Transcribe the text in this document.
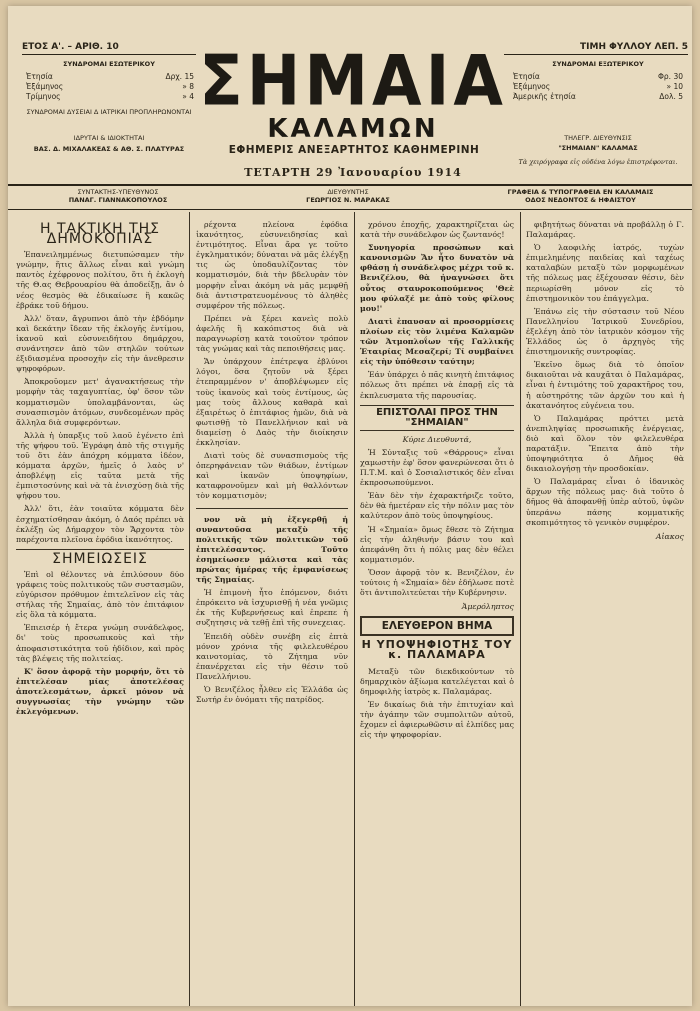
ΕΤΟΣ Α'. – ΑΡΙΘ. 10	ΤΙΜΗ ΦΥΛΛΟΥ ΛΕΠ. 5
ΣΥΝΔΡΟΜΑΙ ΕΣΩΤΕΡΙΚΟΥ
Ἐτησία	Δρχ. 15
Ἐξάμηνος	» 8
Τρίμηνος	» 4
ΣΥΝΔΡΟΜΑΙ ΔΥΣΕΙΑΙ Δ ΙΑΤΡΙΚΑΙ ΠΡΟΠΛΗΡΩΝΟΝΤΑΙ
ΙΔΡΥΤΑΙ & ΙΔΙΟΚΤΗΤΑΙ
ΒΑΣ. Δ. ΜΙΧΑΛΑΚΕΑΣ & ΑΘ. Σ. ΠΛΑΤΥΡΑΣ
ΣΥΝΔΡΟΜΑΙ ΕΞΩΤΕΡΙΚΟΥ
Ἐτησία	Φρ. 30
Ἐξάμηνος	» 10
Ἀμερικῆς ἐτησία	Δολ. 5
ΤΗΛΕΓΡ. ΔΙΕΥΘΥΝΣΙΣ
"ΣΗΜΑΙΑΝ" ΚΑΛΑΜΑΣ
Τὰ χειρόγραφα εἰς οὐδένα λόγω ἐπιστρέφονται.
ΣΗΜΑΙΑ
ΚΑΛΑΜΩΝ
ΕΦΗΜΕΡΙΣ ΑΝΕΞΑΡΤΗΤΟΣ ΚΑΘΗΜΕΡΙΝΗ
ΤΕΤΑΡΤΗ 29 Ἰανουαρίου 1914
ΣΥΝΤΑΚΤΗΣ-ΥΠΕΥΘΥΝΟΣ
ΠΑΝΑΓ. ΓΙΑΝΝΑΚΟΠΟΥΛΟΣ
ΔΙΕΥΘΥΝΤΗΣ
ΓΕΩΡΓΙΟΣ Ν. ΜΑΡΑΚΑΣ
ΓΡΑΦΕΙΑ & ΤΥΠΟΓΡΑΦΕΙΑ ΕΝ ΚΑΛΑΜΑΙΣ
ΟΔΟΣ ΝΕΔΟΝΤΟΣ & ΗΦΑΙΣΤΟΥ
Η ΤΑΚΤΙΚΗ ΤΗΣ ΔΗΜΟΚΟΠΙΑΣ

Ἐπανειλημμένως διετυπώσαμεν τὴν γνώμην, ἥτις ἄλλως εἶναι καὶ γνώμη παντὸς ἐχέφρονος πολίτου, ὅτι ἡ ἐκλογὴ τῆς Θ.ας Θεβρουαρίου θὰ ἀποδείξῃ, ἂν ὁ νέος θεσμὸς θὰ ἐδικαίωσε ἢ κακῶς ἐβράκε τοῦ δήμου.

Ἀλλ' ὅταν, ἄγρυπνοι ἀπὸ τὴν ἐβδόμην καὶ δεκάτην ἴδεαν τῆς ἐκλογῆς ἐντίμου, ἱκανοῦ καὶ εὐσυνειδήτου δημάρχου, συνάντησεν ἀπὸ τῶν στηλῶν τούτων ἐξιδιασμένα προσοχὴν εἰς τὴν ἀνεθρεσιν ψηφοφόρων.

Ἀποκροῦομεν μετ' ἀγανακτήσεως τὴν μομφὴν τὰς ταχαγυπτίας, ὑφ' ὅσον τῶν κομματισμῶν ὑπολαμβάνονται, ὡς συνασπισμὸν ἀτόμων, συνδεομένων πρὸς ἄλληλα διὰ συμφερόντων.

Ἀλλὰ ἡ ὑπαρξις τοῦ λαοῦ ἐγένετο ἐπὶ τῆς ψήφου τοῦ. Ἐγράφη ἀπὸ τῆς στιγμῆς τοῦ ὅτι ἐὰν ἀπόχρη κόμματα ἰδέον, κόμματα ἀρχῶν, ἡμεῖς ὁ λαὸς ν' ἀποβλέψῃ εἰς ταῦτα μετὰ τῆς ἐμπιστοσύνης καὶ νὰ τὰ ἐνισχύσῃ διὰ τῆς ψήφου του.

Ἀλλ' ὅτι, ἐὰν τοιαῦτα κόμματα δὲν ἐσχηματίσθησαν ἀκόμη, ὁ Δαός πρέπει νὰ ἐκλέξῃ ὡς Δήμαρχον τὸν Ἄρχοντα τὸν παρέχοντα πλεῖονα ἐφόδια ἱκανότητος.

ΣΗΜΕΙΩΣΕΙΣ

Ἐπὶ ol θέλοντες νὰ ἐπιλύσουν δύο γράφεις τοὺς πολιτικοὺς τῶν συστασμῶν, εὐγύρισον πρόθυμον ἐπιτελεῖνον εἰς τὰς στήλας τῆς Σημαίας, ἀπὸ τὸν ἐπιτάφιον εἰς ὅλα τὰ κόμματα.

Ἐπιεισέρ ἡ ἔτερα γνώμη συνάδελφος, δι' τοὺς προσωπικοὺς καὶ τὴν ἀποφασιστικότητα τοῦ ἠδίδιον, καὶ πρὸς τὰς βλέψεις τῆς πολιτείας.

Κ' ὅσον ἀφορᾷ τὴν μορφήν, ὅτι τὸ ἐπιτελέσαν μίας ἀποτελέσας ἀποτελεσμάτων, ἀρκεῖ μόνον νὰ συγγνωσίας τὴν γνώμην τῶν ἐκλεγόμενων.

ρέχοντα πλείονα ἐφόδια ἱκανότητος, εὐσυνειδησίας καὶ ἐντιμότητος. Εἶναι ἄρα γε τοῦτο ἐγκληματικόν; δύναται νὰ μᾶς ἐλέγξῃ τις ὡς ὑποδαυλίζοντας τὸν κομματισμόν, διὰ τὴν βδελυρὰν τὸν μορφὴν εἶναι ἀκόμη νὰ μᾶς μεμφθῇ διὰ ἀντιστρατευομένους τὸ ἀληθὲς συμφέρον τῆς πόλεως.

Πρέπει νὰ ξέρει κανεὶς πολὺ ἀφελῆς ἢ κακόπιστος διὰ νὰ παραγνωρίσῃ κατὰ τοιοῦτον τρόπον τὰς γνώμας καὶ τὰς πεποιθήσεις μας.

Ἄν ὑπάρχουν ἐπέτρεψα ἐβλύνοι λόγοι, ὅσα ζητοῦν νὰ ξέρει ἐτεπραμμένον ν' ἀποβλέψωμεν εἰς τοὺς ἱκανοὺς καὶ τοὺς ἐντίμους, ὡς μας τοὺς ἄλλους καθαρὰ καὶ ἐξαιρέτως ὁ ἐπιτάφιος ἡμῶν, διὰ νὰ φωτισθῇ τὸ Πανελλήνιον καὶ νὰ διαμείσῃ ὁ Δαὸς τὴν διοίκησιν ἐκκλησίαν.

Διατὶ τοὺς δὲ συνασπισμοὺς τῆς ὀπερηφάνειαν τῶν θιάδων, ἐντίμων καὶ ἱκανῶν ὑποψηφίων, καταφρονοῦμεν καὶ μὴ θαλλόντων τὸν κομματισμὸν;

νον νὰ μὴ ἐξεγερθῇ ἡ συναντοῦσα μεταξὺ τῆς πολιτικῆς τῶν πολιτικῶν τοῦ ἐπιτελέσαντος. Τοῦτο ἐσημείωσεν μάλιστα καὶ τὰς πρώτας ἡμέρας τῆς ἐμφανίσεως τῆς Σημαίας.

Ἡ ἐπιμονὴ ἦτο ἑπόμενον, διότι ἐπρόκειτο νὰ ἰσχυρισθῇ ἡ νέα γνῶμις ἐκ τῆς Κυβερνήσεως καὶ ἐπρεπε ἡ συζητησις νὰ τεθῇ ἐπὶ τῆς συνεχειας.

Ἐπειδὴ οὐδὲν συνέβη εἰς ἐπτὰ μόνον χρόνια τῆς φιλελευθέρου καινοτομίας, τὸ Ζήτημα νῦν ἐπανέρχεται εἰς τὴν θέσιν τοῦ Πανελλήνιου.

Ὁ Βενιζέλος ἦλθεν εἰς Ἑλλάδα ὡς Σωτήρ ἐν ὀνόματι τῆς πατρίδος.

χρόνου ἐποχῆς, χαρακτηρίζεται ὡς κατὰ τὴν συνάδελφον ὡς ζωντανός!

Συνηγορία προσώπων καὶ κανονισμῶν Ἄν ἦτο δυνατὸν νὰ φθάσῃ ἡ συνάδελφος μέχρι τοῦ κ. Βενιζέλου, θὰ ἠναγνώσει ὅτι οὗτος σταυροκοπούμενος 'Θεὲ μου φύλαξέ με ἀπὸ τοὺς φίλους μου!'

Διατὶ ἐπαυσαν αἱ προσορμίσεις πλοίων εἰς τὸν λιμένα Καλαμῶν τῶν Ἀτμοπλοΐων τῆς Γαλλικῆς Ἑταιρίας Μεσαζερί; Τί συμβαίνει εἰς τὴν ὑπόθεσιν ταύτην;

Ἐάν ὑπάρχει ὁ πᾶς κινητὴ ἐπιτάφιος πόλεως ὅτι πρέπει νὰ ἐπαρῇ εἰς τὰ ἐκπλευσματα τῆς παρουσίας.

ΕΠΙΣΤΟΛΑΙ ΠΡΟΣ ΤΗΝ "ΣΗΜΑΙΑΝ"

Κύριε Διευθυντά,

Ἡ Σύνταξις τοῦ «Θάρρους» εἶναι χαμωστὴν ἐφ' ὅσον φανερώνεσαι ὅτι ὁ Π.Τ.Μ. καὶ ὁ Σοσιαλιστικός δὲν εἶναι ἐκπροσωπούμενοι.

Ἐὰν δὲν τὴν ἐχαρακτήριζε τοῦτο, δὲν θὰ ἠμετέραν εἰς τὴν πόλιν μας τὸν καλύτερον ἀπὸ τοὺς ὑποψηφίους.

Ἡ «Σημαία» ὅμως ἔθεσε τὸ Ζήτημα εἰς τὴν ἀληθινήν βάσιν του καὶ ἀπεφάνθη ὅτι ἡ πόλις μας δὲν θέλει κομματισμόν.

Ὅσον ἀφορᾷ τὸν κ. Βενιζέλον, ἐν τούτοις ἡ «Σημαία» δὲν ἐδήλωσε ποτὲ ὅτι ἀντιπολιτεύεται τὴν Κυβέρνησιν.

Ἀμερόληπτος
ΕΛΕΥΘΕΡΟΝ ΒΗΜΑ
Η ΥΠΟΨΗΦΙΟΤΗΣ ΤΟΥ κ. ΠΑΛΑΜΑΡΑ

Μεταξὺ τῶν διεκδικούντων τὸ δημαρχικὸν ἀξίωμα κατελέγεται καὶ ὁ δημοφιλὴς ἰατρὸς κ. Παλαμάρας.

Ἐν δικαίως διὰ τὴν ἐπιτυχίαν καὶ τὴν ἀγάπην τῶν συμπολιτῶν αὐτοῦ, ἔχομεν εἰ ἀφιερωθῶσιν αἱ ἐλπίδες μας εἰς τὴν ψηφοφορίαν.

φιβητήτως δύναται νὰ προβάλλῃ ὁ Γ. Παλαμάρας.

Ὁ λαοφιλὴς ἰατρός, τυχὼν ἐπιμελημένης παιδείας καὶ ταχέως καταλαβὼν μεταξὺ τῶν μορφωμένων τῆς πόλεως μας ἐξέχουσαν θέσιν, δὲν περιωρίσθη μόνον εἰς τὸ ἐπιστημονικὸν του ἐπάγγελμα.

Ἐπάνω εἰς τὴν σύστασιν τοῦ Νέου Πανελληνίου Ἰατρικοῦ Συνεδρίου, ἐξελέγη ἀπὸ τὸν ἱατρικὸν κόσμον τῆς Ἑλλάδος ὡς ὁ ἀρχηγὸς τῆς ἐπιστημονικῆς συντροφίας.

Ἐκεῖνο ὅμως διὰ τὸ ὁποῖον δικαιοῦται νὰ καυχᾶται ὁ Παλαμάρας, εἶναι ἡ ἐντιμότης τοῦ χαρακτῆρος του, ἡ αὐστηρότης τῶν ἀρχῶν του καὶ ἡ ἀκατανόητος εὐγένεια του.

Ὁ Παλαμάρας πρόττει μετὰ ἀνεπιληψίας προσωπικῆς ἐνέργειας, διὸ καὶ ὅλον τὸν φιλελευθέρα παρατάξιν. Ἔπειτα ἀπὸ τὴν ὑποψηφιότητα ὁ Δῆμος θὰ δικαιολογήσῃ τὴν προσδοκίαν.

Ὁ Παλαμάρας εἶναι ὁ ἰδανικὸς ἄρχων τῆς πόλεως μας· διὰ τοῦτο ὁ δῆμος θὰ ἀποφανθῇ ὑπὲρ αὐτοῦ, ὑψῶν ὑπεράνω πάσης κομματικῆς σκοπιμότητος τὸ γενικὸν συμφέρον.

Αἰακος
